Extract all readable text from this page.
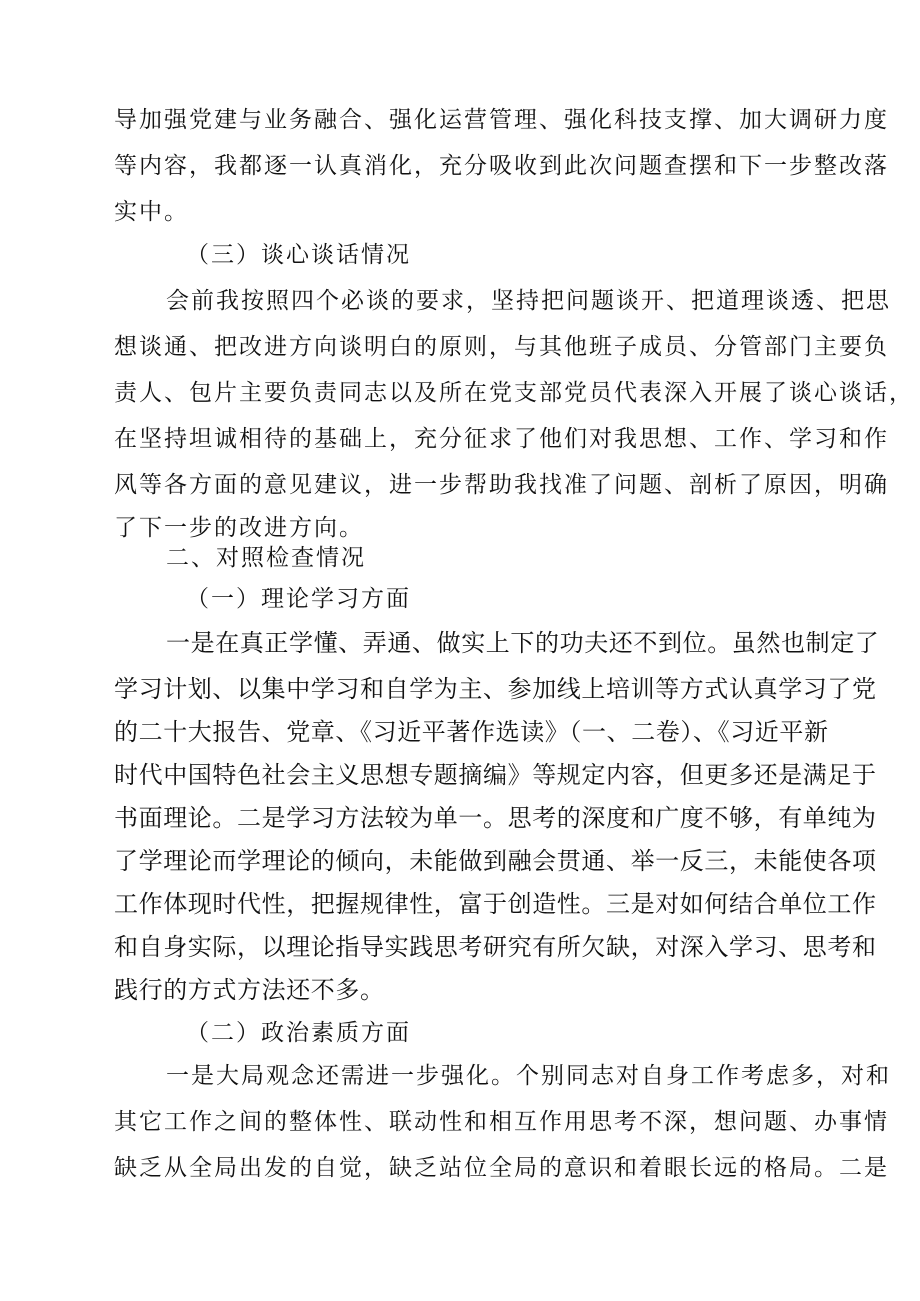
导加强党建与业务融合、强化运营管理、强化科技支撑、加大调研力度
等内容，我都逐一认真消化，充分吸收到此次问题查摆和下一步整改落
实中。
（三）谈心谈话情况
会前我按照四个必谈的要求，坚持把问题谈开、把道理谈透、把思
想谈通、把改进方向谈明白的原则，与其他班子成员、分管部门主要负
责人、包片主要负责同志以及所在党支部党员代表深入开展了谈心谈话，
在坚持坦诚相待的基础上，充分征求了他们对我思想、工作、学习和作
风等各方面的意见建议，进一步帮助我找准了问题、剖析了原因，明确
了下一步的改进方向。
二、对照检查情况
（一）理论学习方面
一是在真正学懂、弄通、做实上下的功夫还不到位。虽然也制定了
学习计划、以集中学习和自学为主、参加线上培训等方式认真学习了党
的二十大报告、党章、《习近平著作选读》（一、二卷）、《习近平新
时代中国特色社会主义思想专题摘编》等规定内容，但更多还是满足于
书面理论。二是学习方法较为单一。思考的深度和广度不够，有单纯为
了学理论而学理论的倾向，未能做到融会贯通、举一反三，未能使各项
工作体现时代性，把握规律性，富于创造性。三是对如何结合单位工作
和自身实际，以理论指导实践思考研究有所欠缺，对深入学习、思考和
践行的方式方法还不多。
（二）政治素质方面
一是大局观念还需进一步强化。个别同志对自身工作考虑多，对和
其它工作之间的整体性、联动性和相互作用思考不深，想问题、办事情
缺乏从全局出发的自觉，缺乏站位全局的意识和着眼长远的格局。二是
